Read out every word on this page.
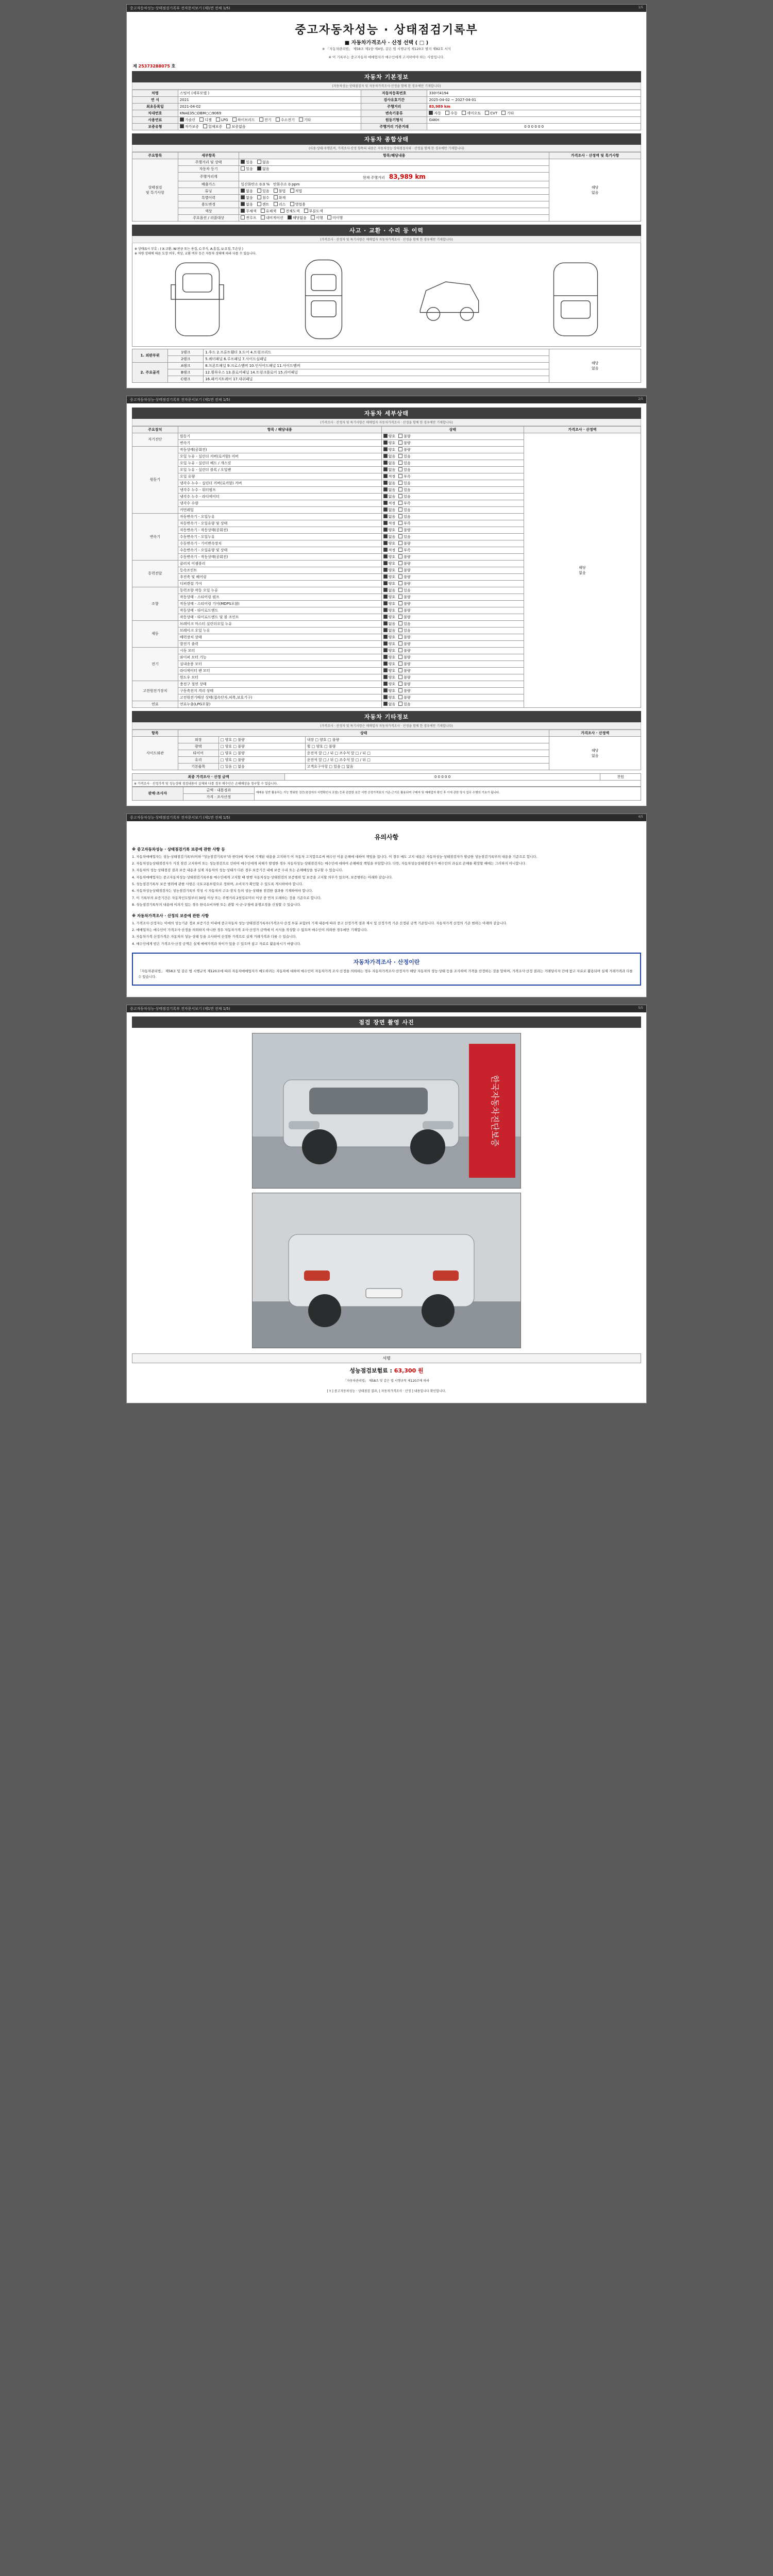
중고자동차성능·상태점검기록부 전자문서보기 (제1면 전체 1/5)	1/5
중고자동차성능 · 상태점검기록부
■ 자동차가격조사 · 산정 선택 ( □ )
※ 「자동차관리법」 제58조 제1항·제4항, 같은 법 시행규칙 제120조 별지 제82호 서식
※ 이 기록부는 중고자동차 매매업자가 매수인에게 고지하여야 하는 사항입니다.
제 25373288075 호
자동차 기본정보
(자동차성능·상태점검자 및 자동차가격조사·산정을 함께 한 경우에만 기재합니다)
차명	스팅어 (세부모델 )	자동차등록번호	330머4194
연 식	2021	검사유효기간	2025-04-02 ~ 2027-04-01
최초등록일	2021-04-02	주행거리	83,989 km
차대번호	KNAE35○DBM○○9069	변속기종류	자동 수동 세미오토 CVT 기타
사용연료	가솔린 디젤 LPG 하이브리드 전기 수소전기 기타	원동기형식	G4KH
보증유형	자가보증 업체보증 보증없음	주행거리 기준거래	0 0 0 0 0 0
자동차 종합상태
(사용·상태·주행흔적, 가격조사·산정 항목의 내용은 자동차성능·상태점검자와 · 산정을 함께 한 경우에만 기재합니다)
주요항목	세부항목	항목/해당내용	가격조사 · 산정액 및 특기사항
상태점검
및 특기사항	주행거리 및 상태	있음 없음	해당
없음
	자동차 등기	있음 없음	
	주행거리계	현재 주행거리 83,989 km	
	배출가스	일산화탄소 0.0 % 탄화수소 0 ppm	
	튜닝	없음 있음 불법 적법	
	특별이력	없음 침수 화재	
	용도변경	없음 렌트 리스 영업용	
	색상	무채색 유채색 전체도색 부분도색	
	주요옵션 / 리콜대상	썬루프 내비게이션 해당없음 이행 미이행	
사고 · 교환 · 수리 등 이력
(가격조사 · 산정자 및 특기사항은 매매업자 자동차가격조사 · 산정을 함께 한 경우에만 기재합니다)
※ 상태표시 부호 : ( X:교환, W:판금 또는 용접, C:부식, A:흠집, U:요철, T:손상 )
※ 차량 상태에 따른 도장 여부, 색상, 교환 여부 등은 자동차 상태에 따라 다를 수 있습니다.
1. 외판부위	1랭크	1.후드 2.프론트휀더 3.도어 4.트렁크리드	해당
없음
	2랭크	5.쿼터패널 6.루프패널 7.사이드실패널	
2. 주요골격	A랭크	8.프론트패널 9.크로스멤버 10.인사이드패널 11.사이드멤버	
	B랭크	12.휠하우스 13.플로어패널 14.트렁크플로어 15.리어패널	
	C랭크	16.패키지트레이 17.대쉬패널	
중고자동차성능·상태점검기록부 전자문서보기 (제1면 전체 1/5)	2/5
자동차 세부상태
(가격조사 · 산정자 및 특기사항은 매매업자 자동차가격조사 · 산정을 함께 한 경우에만 기재합니다)
주요장치	항목 / 해당내용	상태	가격조사 · 산정액
자기진단	원동기	양호 불량	해당
없음
	변속기	양호 불량	
원동기	작동상태(공회전)	양호 불량	
	오일 누유 - 실린더 커버(로커암) 커버	없음 있음	
	오일 누유 - 실린더 헤드 / 개스킷	없음 있음	
	오일 누유 - 실린더 블록 / 오일팬	없음 있음	
	오일 유량	적정 부족	
	냉각수 누수 - 실린더 커버(로커암) 커버	없음 있음	
	냉각수 누수 - 워터펌프	없음 있음	
	냉각수 누수 - 라디에이터	없음 있음	
	냉각수 수량	적정 부족	
	커먼레일	없음 있음	
변속기	자동변속기 - 오일누유	없음 있음	
	자동변속기 - 오일유량 및 상태	적정 부족	
	자동변속기 - 작동상태(공회전)	양호 불량	
	수동변속기 - 오일누유	없음 있음	
	수동변속기 - 기어변속장치	양호 불량	
	수동변속기 - 오일유량 및 상태	적정 부족	
	수동변속기 - 작동상태(공회전)	양호 불량	
동력전달	클러치 어셈블리	양호 불량	
	등속조인트	양호 불량	
	추진축 및 베어링	양호 불량	
	디퍼렌셜 기어	양호 불량	
조향	동력조향 작동 오일 누유	없음 있음	
	작동상태 - 스티어링 펌프	양호 불량	
	작동상태 - 스티어링 기어(MDPS포함)	양호 불량	
	작동상태 - 타이로드엔드	양호 불량	
	작동상태 - 타이로드엔드 및 볼 조인트	양호 불량	
제동	브레이크 마스터 실린더오일 누유	없음 있음	
	브레이크 오일 누유	없음 있음	
	배력장치 상태	양호 불량	
	발전기 출력	양호 불량	
전기	시동 모터	양호 불량	
	와이퍼 모터 기능	양호 불량	
	실내송풍 모터	양호 불량	
	라디에이터 팬 모터	양호 불량	
	윈도우 모터	양호 불량	
고전원전기장치	충전구 절연 상태	양호 불량	
	구동축전지 격리 상태	양호 불량	
	고전원전기배선 상태(접속단자,피복,보호기구)	양호 불량	
연료	연료누출(LPG포함)	없음 있음	
자동차 기타정보
(가격조사 · 산정자 및 특기사항은 매매업자 자동차가격조사 · 산정을 함께 한 경우에만 기재합니다)
항목	상태			가격조사 · 산정액
사이드외관	외장	□ 양호 □ 불량	내장 □ 양호 □ 불량	해당
없음
	광택	□ 양호 □ 불량	휠 □ 양호 □ 불량	
	타이어	□ 양호 □ 불량	운전석 앞 □ / 뒤 □ 조수석 앞 □ / 뒤 □	
	유리	□ 양호 □ 불량	운전석 앞 □ / 뒤 □ 조수석 앞 □ / 뒤 □	
	기본품목	□ 있음 □ 없음	고객요구사항 □ 있음 □ 없음	
최종 가격조사 · 산정 금액	0 0 0 0 0	천원
※ 가격조사 · 산정가격 및 성능상태 점검내용이 실제와 다를 경우 매수인은 손해배상을 청구할 수 있습니다.
판매·조사자	금액 · 내용경과	매매용 일반 활용하는 가능 범위한 검증(점검자의 서면확인서 포함) 등과 관련한 보증 서면 산정가격표의 기준·근거로 활용되며 구매자 및 매매업자 확인 후 이에 관한 당사 업무 수행의 기초가 됩니다.
가격 · 조사산정
중고자동차성능·상태점검기록부 전자문서보기 (제1면 전체 1/5)	4/5
유의사항
※ 중고자동차성능 · 상태점검기록 보증에 관한 사항 등

1. 자동차매매업자는 성능·상태점검기록부(이하 "성능점검기록부"라 한다)에 제시에 기재된 내용을 고지하기 이 자동차 고지합으로써 매수인 이용 손해에 대하여 책임을 집니다. 이 경우 매도 고지 내용은 자동차성능·상태점검자가 발급한 성능점검기록부의 내용을 기준으로 합니다.

2. 자동차성능상태점검자가 거짓 점검 고지하여 또는 성능점검으로 인하여 매수인에게 피해가 발생한 경우 자동차성능·상태점검자는 매수인에 대하여 손해배상 책임을 부담합니다. 다만, 자동차성능상태점검자가 매수인의 과실로 손해를 확장할 때에는 그러하지 아니합니다.

3. 자동차의 성능·상태점검 결과 보증 내용과 실제 자동차의 성능·상태가 다른 경우 보증기간 내에 보증 수리 또는 손해배상을 청구할 수 있습니다.

4. 자동차매매업자는 중고자동차성능·상태점검기록부를 매수인에게 고지할 때 현행 자동차성능·상태점검의 보증범위 및 보증을 고지할 의무가 있으며, 보증범위는 아래와 같습니다.

5. 성능점검기록부 보증 범위에 관한 사항은 국토교통부령으로 정하며, 소비자가 확인할 수 있도록 게시하여야 합니다.

6. 자동차성능상태점검자는 성능점검기록부 작성 시 자동차의 구조·장치 등의 성능·상태를 점검한 결과를 기재하여야 합니다.

7. 이 기록부의 보증기간은 자동차인도일부터 30일 이상 또는 주행거리 2천킬로미터 이상 중 먼저 도래하는 것을 기준으로 합니다.

8. 성능점검기록부의 내용에 이의가 있는 경우 한국소비자원 또는 관할 시·군·구청에 분쟁조정을 신청할 수 있습니다.

※ 자동차가격조사 · 산정의 보증에 관한 사항

1. 가격조사·산정자는 이에의 성능기준 정보 보증기간 이내에 중고자동차 성능·상태점검기록부(가격조사·산정 부분 포함)의 기재 내용에 따라 중고 산정가격 결과 제시 및 산정가격 기준 산정된 금액 기준입니다. 자동차가격 산정의 기준 범위는 아래와 같습니다.

2. 매매업자는 매수인이 가격조사·산정을 의뢰하지 아니한 경우 자동차가격 조사·산정가 금액에 이 서식을 작성할 수 없으며 매수인이 의뢰한 경우에만 기재합니다.

3. 자동차가격 산정가격은 자동차의 성능·상태 등을 조사하여 산정한 가격으로 실제 거래가격과 다를 수 있습니다.

4. 매수인에게 받은 가격조사·산정 금액은 실제 매매가격과 차이가 있을 수 있으며 참고 자료로 활용하시기 바랍니다.

자동차가격조사 · 산정이란

「자동차관리법」 제58조 및 같은 법 시행규칙 제120조에 따라 자동차매매업자가 매도하려는 자동차에 대하여 매수인이 자동차가격 조사·산정을 의뢰하는 경우 자동차가격조사·산정자가 해당 자동차의 성능·상태 등을 조사하여 가격을 산정하는 것을 말하며, 가격조사·산정 결과는 거래당사자 간에 참고 자료로 활용되며 실제 거래가격과 다를 수 있습니다.

중고자동차성능·상태점검기록부 전자문서보기 (제1면 전체 1/5)	5/5
점검 장면 촬영 사진
한국자동차진단보증
서명
성능점검보험료 : 63,300 원
「자동차관리법」 제58조 및 같은 법 시행규칙 제120조에 따라
[ Y ] 중고자동차성능 · 상태점검 결과, [ 자동차가격조사 · 산정 ] 내용입니다 확인합니다.
